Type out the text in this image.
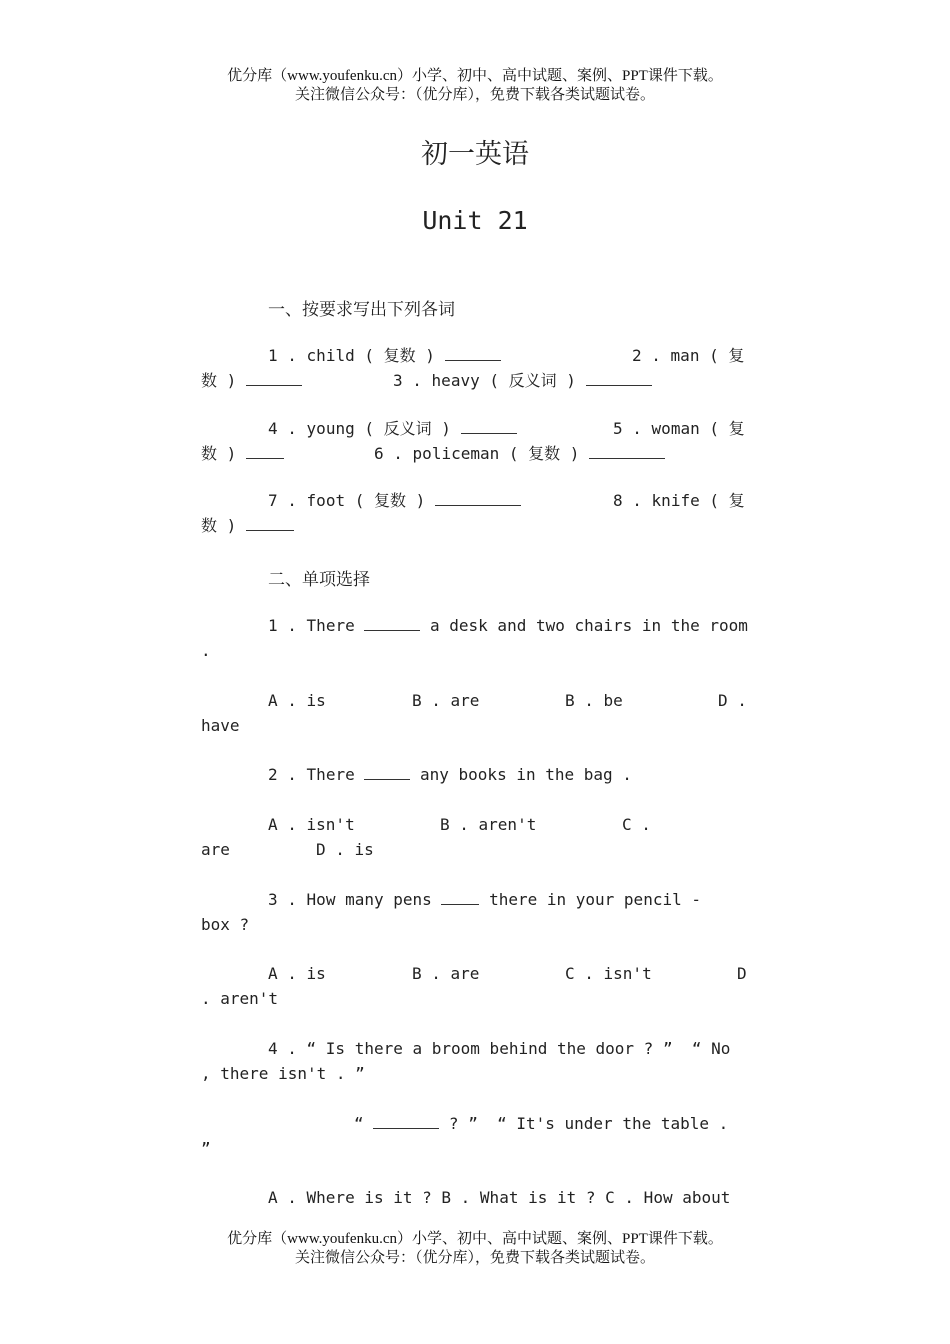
优分库（www.youfenku.cn）小学、初中、高中试题、案例、PPT课件下载。
关注微信公众号：（优分库），免费下载各类试题试卷。
初一英语
Unit 21
一、按要求写出下列各词
1 . child ( 复数 )	2 . man ( 复
数 )	3 . heavy ( 反义词 )
4 . young ( 反义词 )	5 . woman ( 复
数 )	6 . policeman ( 复数 )
7 . foot ( 复数 )	8 . knife ( 复
数 )
二、单项选择
1 . There	a desk and two chairs in the room
.
A . is	B . are	B . be	D .
have
2 . There	any books in the bag .
A . isn't	B . aren't	C .
are	D . is
3 . How many pens	there in your pencil -
box ?
A . is	B . are	C . isn't	D
. aren't
4 . “ Is there a broom behind the door ? ”  “ No
, there isn't . ”
“	? ”  “ It's under the table .
”
A . Where is it ? B . What is it ? C . How about
优分库（www.youfenku.cn）小学、初中、高中试题、案例、PPT课件下载。
关注微信公众号：（优分库），免费下载各类试题试卷。
